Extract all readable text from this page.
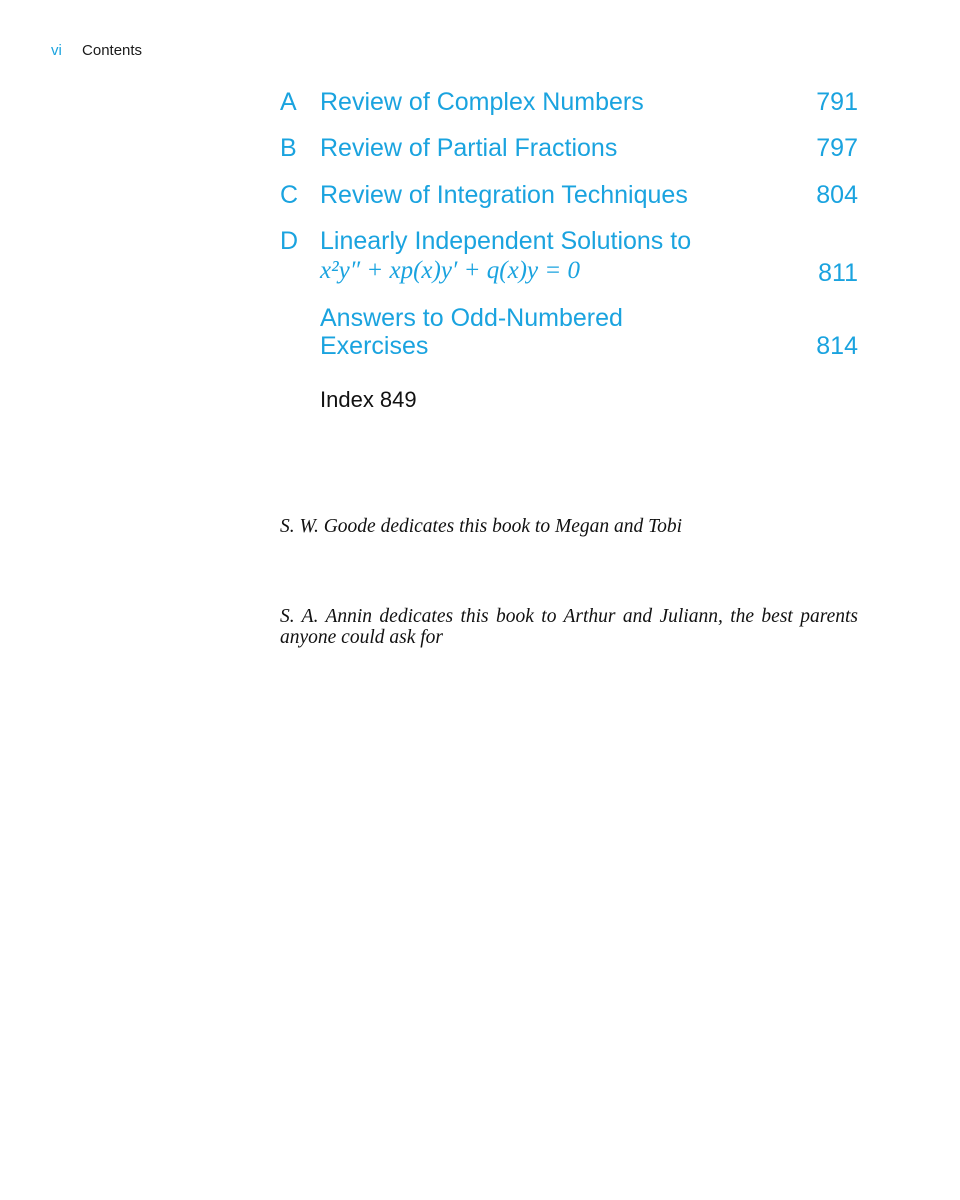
vi Contents
A Review of Complex Numbers	791
B Review of Partial Fractions	797
C Review of Integration Techniques	804
D Linearly Independent Solutions to
x²y″ + xp(x)y′ + q(x)y = 0	811
Answers to Odd-Numbered Exercises	814
Index 849

S. W. Goode dedicates this book to Megan and Tobi

S. A. Annin dedicates this book to Arthur and Juliann, the best parents anyone could ask for
